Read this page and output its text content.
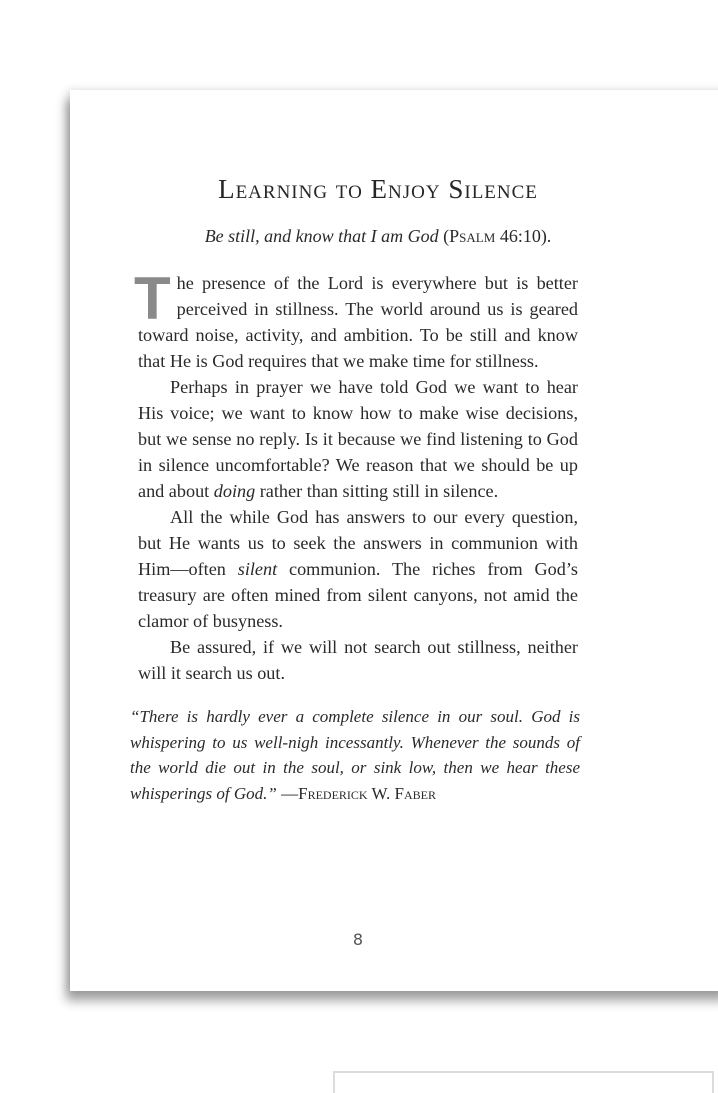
Learning to Enjoy Silence
Be still, and know that I am God (Psalm 46:10).

The presence of the Lord is everywhere but is better perceived in stillness. The world around us is geared toward noise, activity, and ambition. To be still and know that He is God requires that we make time for stillness.

Perhaps in prayer we have told God we want to hear His voice; we want to know how to make wise decisions, but we sense no reply. Is it because we find listening to God in silence uncomfortable? We reason that we should be up and about doing rather than sitting still in silence.

All the while God has answers to our every question, but He wants us to seek the answers in communion with Him—often silent communion. The riches from God’s treasury are often mined from silent canyons, not amid the clamor of busyness.

Be assured, if we will not search out stillness, neither will it search us out.

“There is hardly ever a complete silence in our soul. God is whispering to us well-nigh incessantly. Whenever the sounds of the world die out in the soul, or sink low, then we hear these whisperings of God.” —Frederick W. Faber
8
